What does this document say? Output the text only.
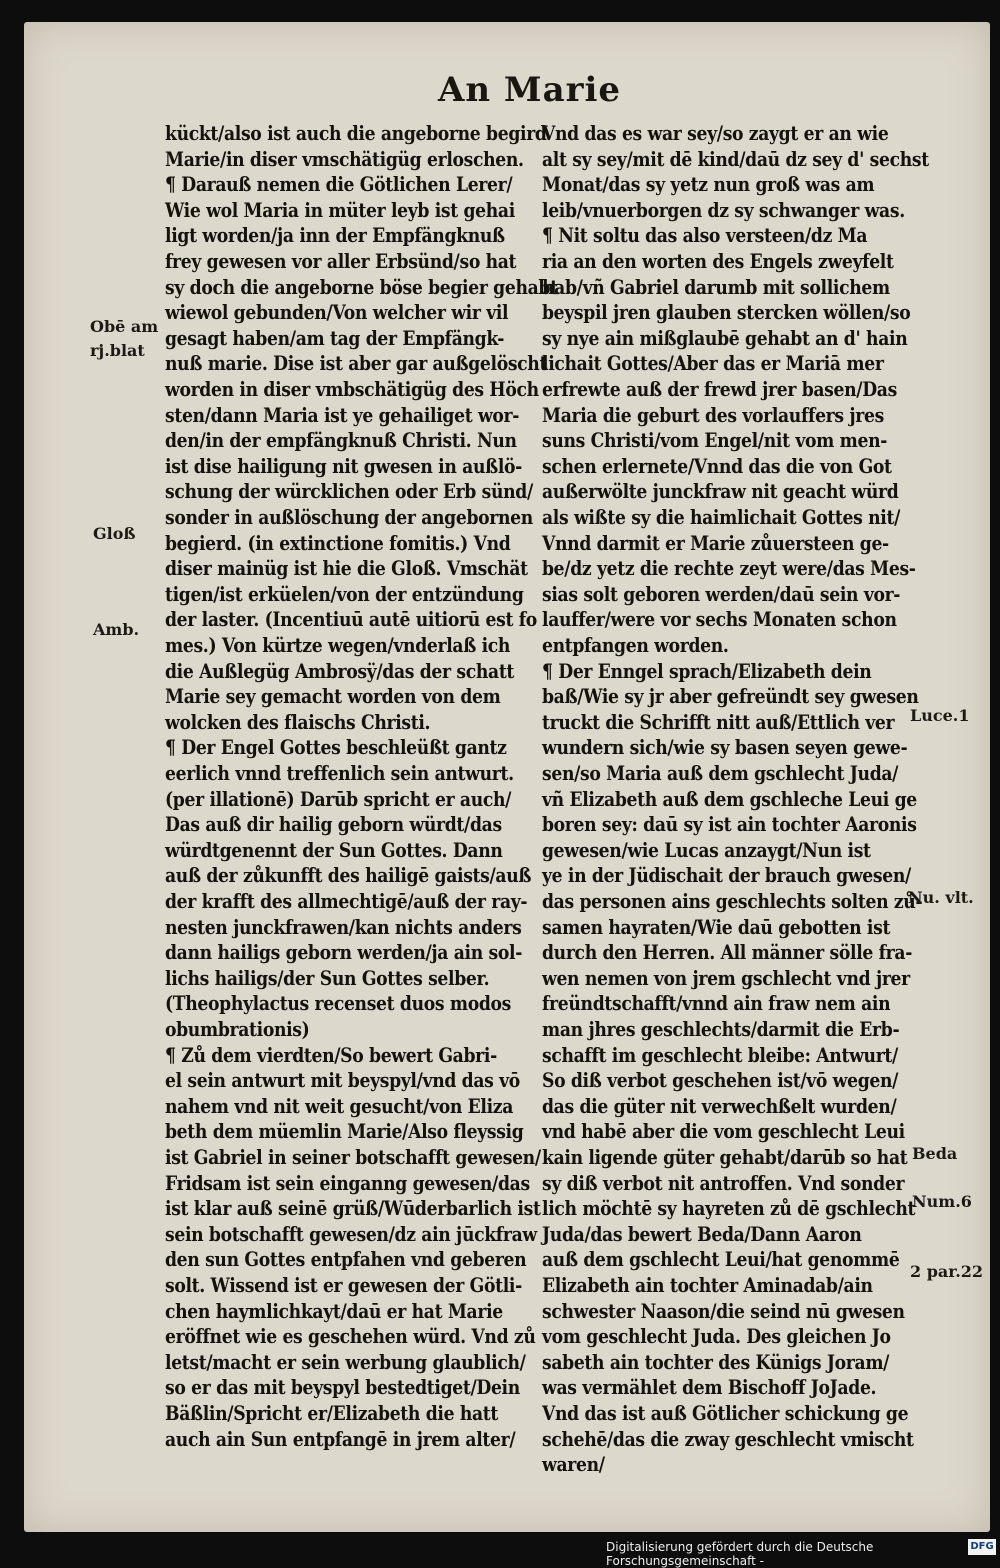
An Marie
kückt/also ist auch die angeborne begird
Marie/in diser vmschätigüg erloschen.
¶ Darauß nemen die Götlichen Lerer/
Wie wol Maria in müter leyb ist gehai
ligt worden/ja inn der Empfängknuß
frey gewesen vor aller Erbsünd/so hat
sy doch die angeborne böse begier gehabt
wiewol gebunden/Von welcher wir vil
gesagt haben/am tag der Empfängk-
nuß marie. Dise ist aber gar außgelöscht
worden in diser vmbschätigüg des Höch
sten/dann Maria ist ye gehailiget wor-
den/in der empfängknuß Christi. Nun
ist dise hailigung nit gwesen in außlö-
schung der würcklichen oder Erb sünd/
sonder in außlöschung der angebornen
begierd. (in extinctione fomitis.) Vnd
diser mainüg ist hie die Gloß. Vmschät
tigen/ist erküelen/von der entzündung
der laster. (Incentiuū autē uitiorū est fo
mes.) Von kürtze wegen/vnderlaß ich
die Außlegüg Ambrosÿ/das der schatt
Marie sey gemacht worden von dem
wolcken des flaischs Christi.
¶ Der Engel Gottes beschleüßt gantz
eerlich vnnd treffenlich sein antwurt.
(per illationē) Darūb spricht er auch/
Das auß dir hailig geborn würdt/das
würdtgenennt der Sun Gottes. Dann
auß der zůkunfft des hailigē gaists/auß
der krafft des allmechtigē/auß der ray-
nesten junckfrawen/kan nichts anders
dann hailigs geborn werden/ja ain sol-
lichs hailigs/der Sun Gottes selber.
(Theophylactus recenset duos modos
obumbrationis)
¶ Zů dem vierdten/So bewert Gabri-
el sein antwurt mit beyspyl/vnd das vō
nahem vnd nit weit gesucht/von Eliza
beth dem müemlin Marie/Also fleyssig
ist Gabriel in seiner botschafft gewesen/
Fridsam ist sein einganng gewesen/das
ist klar auß seinē grüß/Wūderbarlich ist
sein botschafft gewesen/dz ain jūckfraw
den sun Gottes entpfahen vnd geberen
solt. Wissend ist er gewesen der Götli-
chen haymlichkayt/daū er hat Marie
eröffnet wie es geschehen würd. Vnd zů
letst/macht er sein werbung glaublich/
so er das mit beyspyl bestedtiget/Dein
Bäßlin/Spricht er/Elizabeth die hatt
auch ain Sun entpfangē in jrem alter/
Vnd das es war sey/so zaygt er an wie
alt sy sey/mit dē kind/daū dz sey d' sechst
Monat/das sy yetz nun groß was am
leib/vnuerborgen dz sy schwanger was.
¶ Nit soltu das also versteen/dz Ma
ria an den worten des Engels zweyfelt
hab/vñ Gabriel darumb mit sollichem
beyspil jren glauben stercken wöllen/so
sy nye ain mißglaubē gehabt an d' hain
lichait Gottes/Aber das er Mariā mer
erfrewte auß der frewd jrer basen/Das
Maria die geburt des vorlauffers jres
suns Christi/vom Engel/nit vom men-
schen erlernete/Vnnd das die von Got
außerwölte junckfraw nit geacht würd
als wißte sy die haimlichait Gottes nit/
Vnnd darmit er Marie zůuersteen ge-
be/dz yetz die rechte zeyt were/das Mes-
sias solt geboren werden/daū sein vor-
lauffer/were vor sechs Monaten schon
entpfangen worden.
¶ Der Enngel sprach/Elizabeth dein
baß/Wie sy jr aber gefreündt sey gwesen
truckt die Schrifft nitt auß/Ettlich ver
wundern sich/wie sy basen seyen gewe-
sen/so Maria auß dem gschlecht Juda/
vñ Elizabeth auß dem gschleche Leui ge
boren sey: daū sy ist ain tochter Aaronis
gewesen/wie Lucas anzaygt/Nun ist
ye in der Jüdischait der brauch gwesen/
das personen ains geschlechts solten zů-
samen hayraten/Wie daū gebotten ist
durch den Herren. All männer sölle fra-
wen nemen von jrem gschlecht vnd jrer
freündtschafft/vnnd ain fraw nem ain
man jhres geschlechts/darmit die Erb-
schafft im geschlecht bleibe: Antwurt/
So diß verbot geschehen ist/vō wegen/
das die güter nit verwechßelt wurden/
vnd habē aber die vom geschlecht Leui
kain ligende güter gehabt/darūb so hat
sy diß verbot nit antroffen. Vnd sonder
lich möchtē sy hayreten zů dē gschlecht
Juda/das bewert Beda/Dann Aaron
auß dem gschlecht Leui/hat genommē
Elizabeth ain tochter Aminadab/ain
schwester Naason/die seind nū gwesen
vom geschlecht Juda. Des gleichen Jo
sabeth ain tochter des Künigs Joram/
was vermählet dem Bischoff JoJade.
Vnd das ist auß Götlicher schickung ge
schehē/das die zway geschlecht vmischt
waren/
Obē am
rj.blat
Gloß
Amb.
Luce.1
Nu. vlt.
Beda
Num.6
2 par.22
Digitalisierung gefördert durch die Deutsche Forschungsgemeinschaft -
DFG
